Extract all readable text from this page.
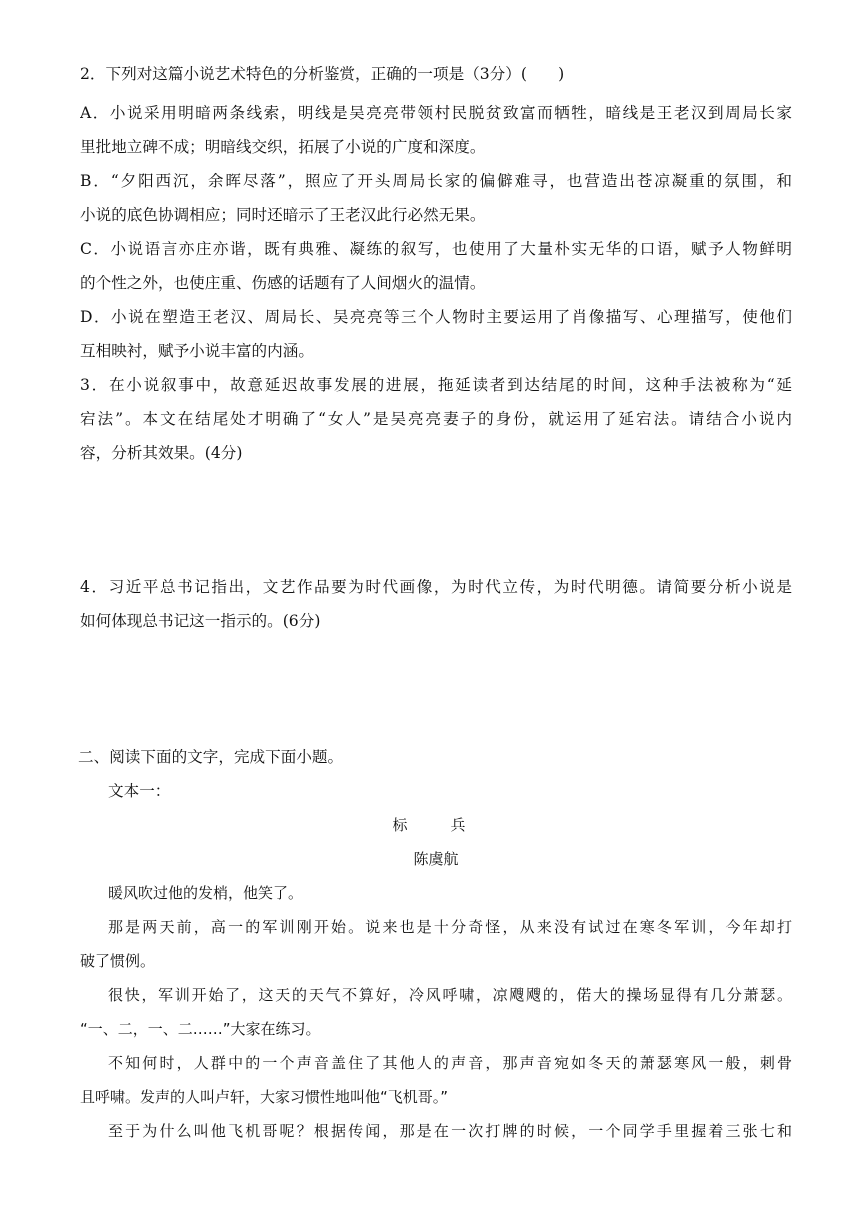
2．下列对这篇小说艺术特色的分析鉴赏，正确的一项是（3分）(　　)
A．小说采用明暗两条线索，明线是吴亮亮带领村民脱贫致富而牺牲，暗线是王老汉到周局长家
里批地立碑不成；明暗线交织，拓展了小说的广度和深度。
B．“夕阳西沉，余晖尽落”，照应了开头周局长家的偏僻难寻，也营造出苍凉凝重的氛围，和
小说的底色协调相应；同时还暗示了王老汉此行必然无果。
C．小说语言亦庄亦谐，既有典雅、凝练的叙写，也使用了大量朴实无华的口语，赋予人物鲜明
的个性之外，也使庄重、伤感的话题有了人间烟火的温情。
D．小说在塑造王老汉、周局长、吴亮亮等三个人物时主要运用了肖像描写、心理描写，使他们
互相映衬，赋予小说丰富的内涵。
3．在小说叙事中，故意延迟故事发展的进展，拖延读者到达结尾的时间，这种手法被称为“延
宕法”。本文在结尾处才明确了“女人”是吴亮亮妻子的身份，就运用了延宕法。请结合小说内
容，分析其效果。(4分)
4．习近平总书记指出，文艺作品要为时代画像，为时代立传，为时代明德。请简要分析小说是
如何体现总书记这一指示的。(6分)
二、阅读下面的文字，完成下面小题。
文本一：
标　兵
陈虞航
暖风吹过他的发梢，他笑了。
那是两天前，高一的军训刚开始。说来也是十分奇怪，从来没有试过在寒冬军训，今年却打
破了惯例。
很快，军训开始了，这天的天气不算好，冷风呼啸，凉飕飕的，偌大的操场显得有几分萧瑟。
“一、二，一、二……”大家在练习。
不知何时，人群中的一个声音盖住了其他人的声音，那声音宛如冬天的萧瑟寒风一般，刺骨
且呼啸。发声的人叫卢轩，大家习惯性地叫他“飞机哥。”
至于为什么叫他飞机哥呢？根据传闻，那是在一次打牌的时候，一个同学手里握着三张七和
